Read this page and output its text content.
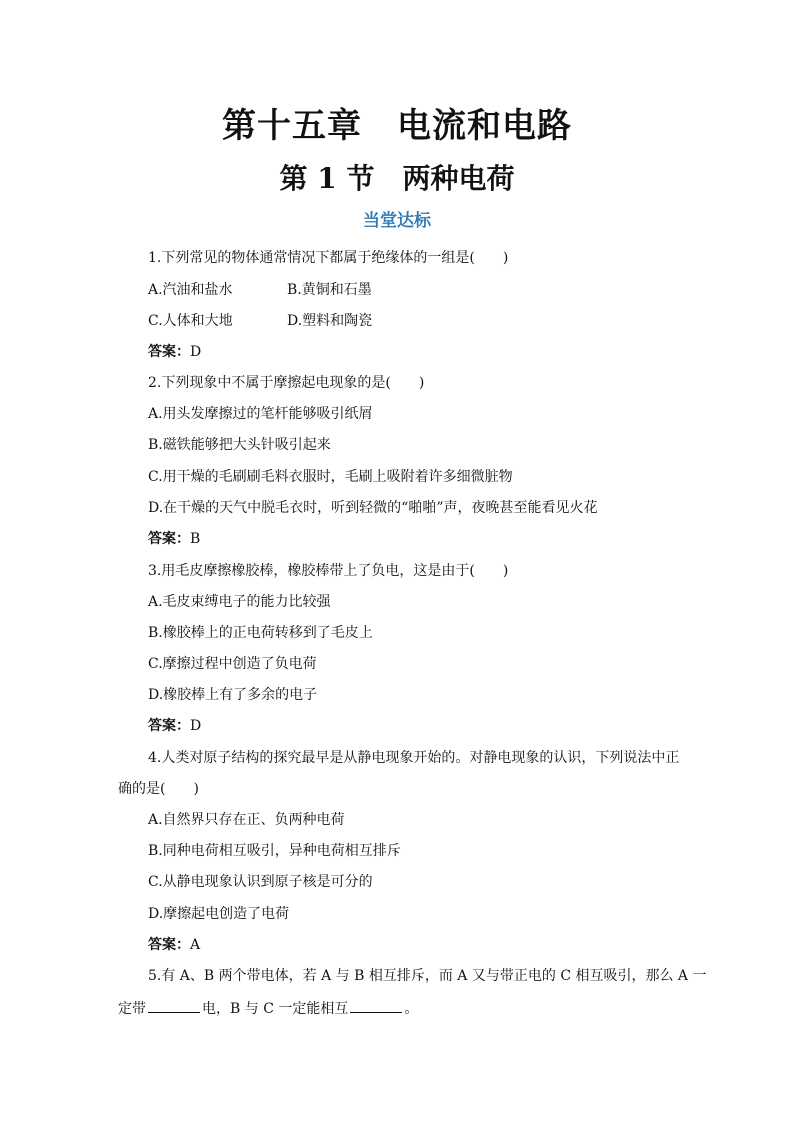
第十五章　电流和电路
第 1 节　两种电荷
当堂达标
1.下列常见的物体通常情况下都属于绝缘体的一组是(　　)
A.汽油和盐水	B.黄铜和石墨
C.人体和大地	D.塑料和陶瓷
答案：D
2.下列现象中不属于摩擦起电现象的是(　　)
A.用头发摩擦过的笔杆能够吸引纸屑
B.磁铁能够把大头针吸引起来
C.用干燥的毛刷刷毛料衣服时，毛刷上吸附着许多细微脏物
D.在干燥的天气中脱毛衣时，听到轻微的“啪啪”声，夜晚甚至能看见火花
答案：B
3.用毛皮摩擦橡胶棒，橡胶棒带上了负电，这是由于(　　)
A.毛皮束缚电子的能力比较强
B.橡胶棒上的正电荷转移到了毛皮上
C.摩擦过程中创造了负电荷
D.橡胶棒上有了多余的电子
答案：D
4.人类对原子结构的探究最早是从静电现象开始的。对静电现象的认识，下列说法中正
确的是(　　)
A.自然界只存在正、负两种电荷
B.同种电荷相互吸引，异种电荷相互排斥
C.从静电现象认识到原子核是可分的
D.摩擦起电创造了电荷
答案：A
5.有 A、B 两个带电体，若 A 与 B 相互排斥，而 A 又与带正电的 C 相互吸引，那么 A 一
定带	电，B 与 C 一定能相互	。
